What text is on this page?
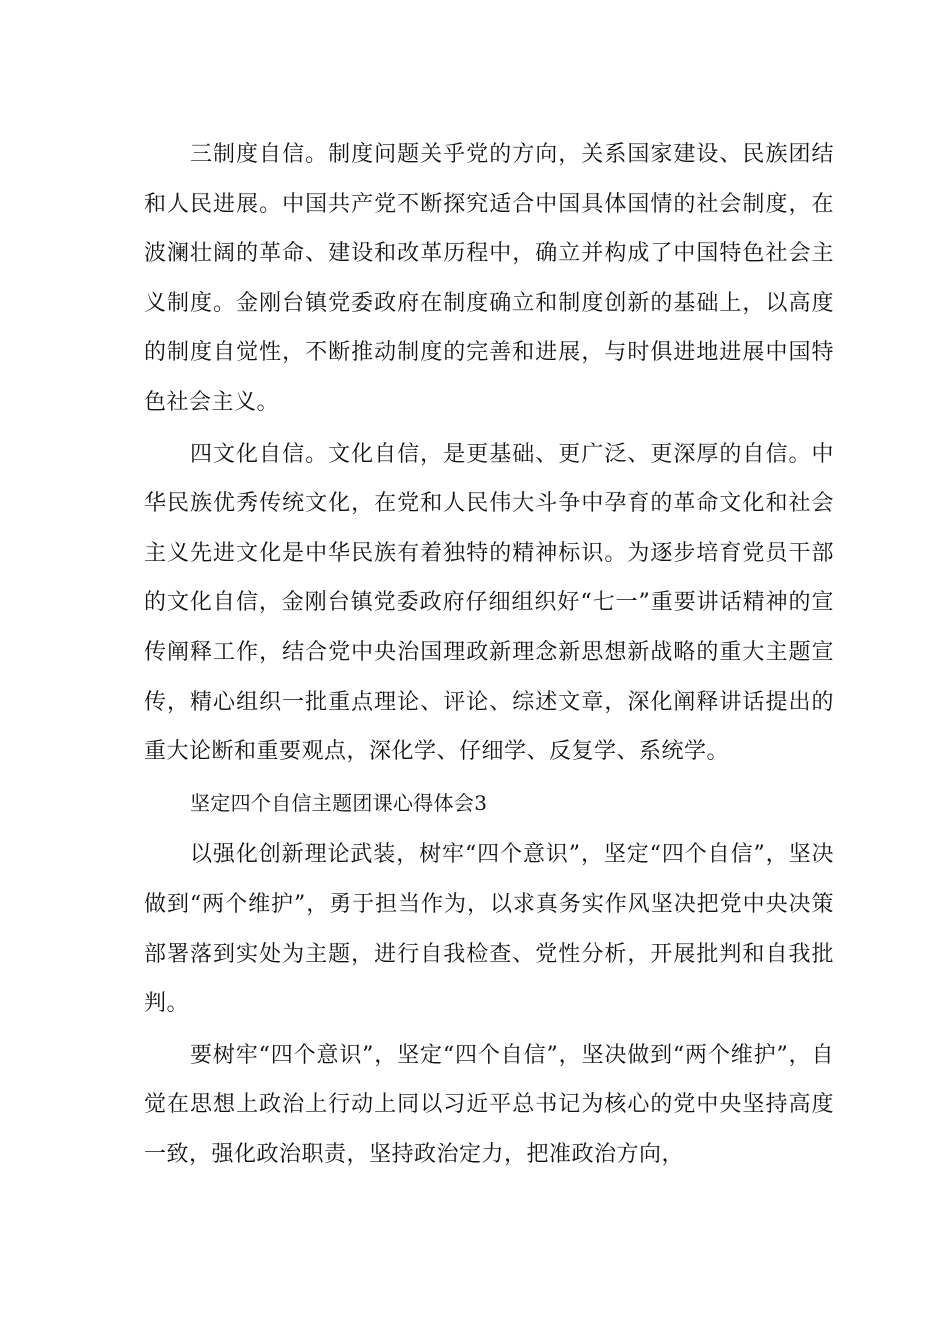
三制度自信。制度问题关乎党的方向，关系国家建设、民族团结和人民进展。中国共产党不断探究适合中国具体国情的社会制度，在波澜壮阔的革命、建设和改革历程中，确立并构成了中国特色社会主义制度。金刚台镇党委政府在制度确立和制度创新的基础上，以高度的制度自觉性，不断推动制度的完善和进展，与时俱进地进展中国特色社会主义。

四文化自信。文化自信，是更基础、更广泛、更深厚的自信。中华民族优秀传统文化，在党和人民伟大斗争中孕育的革命文化和社会主义先进文化是中华民族有着独特的精神标识。为逐步培育党员干部的文化自信，金刚台镇党委政府仔细组织好“七一”重要讲话精神的宣传阐释工作，结合党中央治国理政新理念新思想新战略的重大主题宣传，精心组织一批重点理论、评论、综述文章，深化阐释讲话提出的重大论断和重要观点，深化学、仔细学、反复学、系统学。

坚定四个自信主题团课心得体会3

以强化创新理论武装，树牢“四个意识”，坚定“四个自信”，坚决做到“两个维护”，勇于担当作为，以求真务实作风坚决把党中央决策部署落到实处为主题，进行自我检查、党性分析，开展批判和自我批判。

要树牢“四个意识”，坚定“四个自信”，坚决做到“两个维护”，自觉在思想上政治上行动上同以习近平总书记为核心的党中央坚持高度一致，强化政治职责，坚持政治定力，把准政治方向，
